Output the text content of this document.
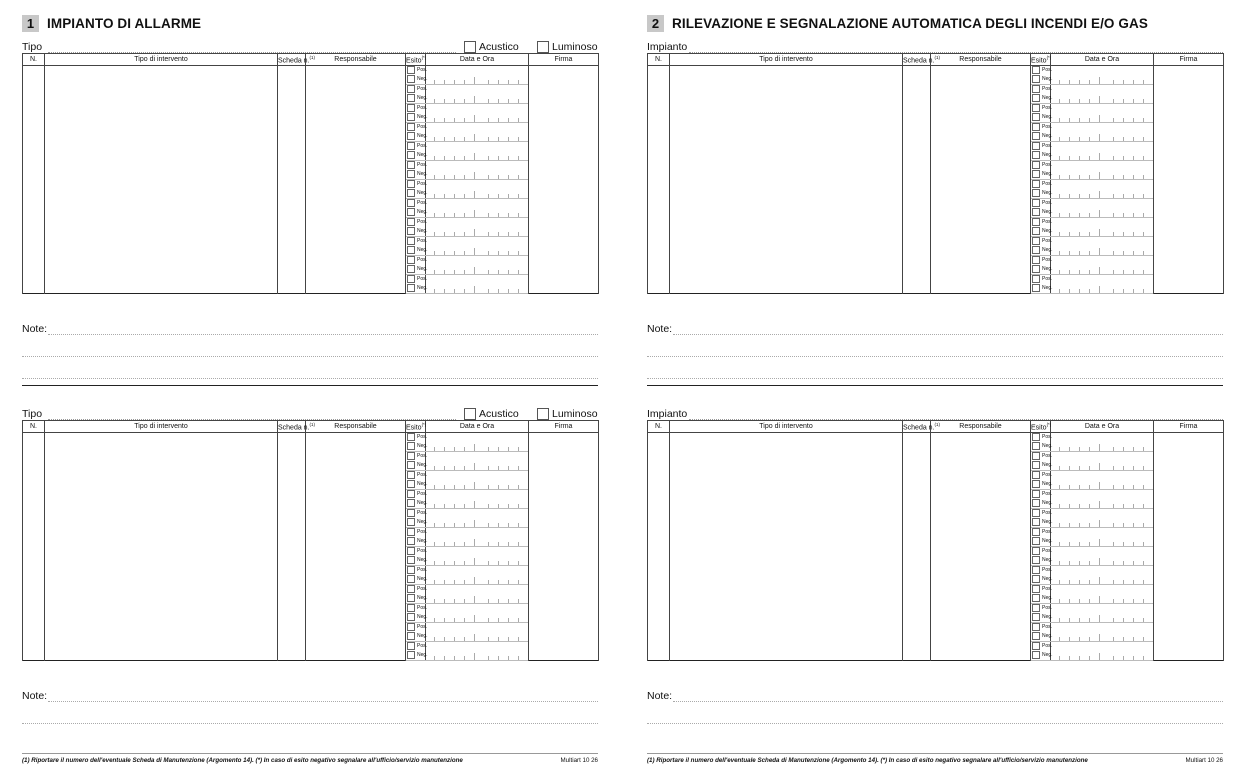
1 IMPIANTO DI ALLARME
Tipo	Acustico	Luminoso
N.	Tipo di intervento	Scheda n.$^{(1)}$	Responsabile	Esito(*)	Data e Ora	Firma
				Pos.		
				Neg.		

				Pos.		
				Neg.		

				Pos.		
				Neg.		

				Pos.		
				Neg.		

				Pos.		
				Neg.		

				Pos.		
				Neg.		

				Pos.		
				Neg.		

				Pos.		
				Neg.		

				Pos.		
				Neg.		

				Pos.		
				Neg.		

				Pos.		
				Neg.		

				Pos.		
				Neg.		
Note:
Tipo	Acustico	Luminoso
N.	Tipo di intervento	Scheda n.$^{(1)}$	Responsabile	Esito(*)	Data e Ora	Firma
				Pos.		
				Neg.		

				Pos.		
				Neg.		

				Pos.		
				Neg.		

				Pos.		
				Neg.		

				Pos.		
				Neg.		

				Pos.		
				Neg.		

				Pos.		
				Neg.		

				Pos.		
				Neg.		

				Pos.		
				Neg.		

				Pos.		
				Neg.		

				Pos.		
				Neg.		

				Pos.		
				Neg.		
Note:
(1) Riportare il numero dell'eventuale Scheda di Manutenzione (Argomento 14). (*) In caso di esito negativo segnalare all'ufficio/servizio manutenzione	Multiart 10 26
2 RILEVAZIONE E SEGNALAZIONE AUTOMATICA DEGLI INCENDI E/O GAS
Impianto
N.	Tipo di intervento	Scheda n.$^{(1)}$	Responsabile	Esito(*)	Data e Ora	Firma
				Pos.		
				Neg.		

				Pos.		
				Neg.		

				Pos.		
				Neg.		

				Pos.		
				Neg.		

				Pos.		
				Neg.		

				Pos.		
				Neg.		

				Pos.		
				Neg.		

				Pos.		
				Neg.		

				Pos.		
				Neg.		

				Pos.		
				Neg.		

				Pos.		
				Neg.		

				Pos.		
				Neg.		
Note:
Impianto
N.	Tipo di intervento	Scheda n.$^{(1)}$	Responsabile	Esito(*)	Data e Ora	Firma
				Pos.		
				Neg.		

				Pos.		
				Neg.		

				Pos.		
				Neg.		

				Pos.		
				Neg.		

				Pos.		
				Neg.		

				Pos.		
				Neg.		

				Pos.		
				Neg.		

				Pos.		
				Neg.		

				Pos.		
				Neg.		

				Pos.		
				Neg.		

				Pos.		
				Neg.		

				Pos.		
				Neg.		
Note:
(1) Riportare il numero dell'eventuale Scheda di Manutenzione (Argomento 14). (*) In caso di esito negativo segnalare all'ufficio/servizio manutenzione	Multiart 10 26
